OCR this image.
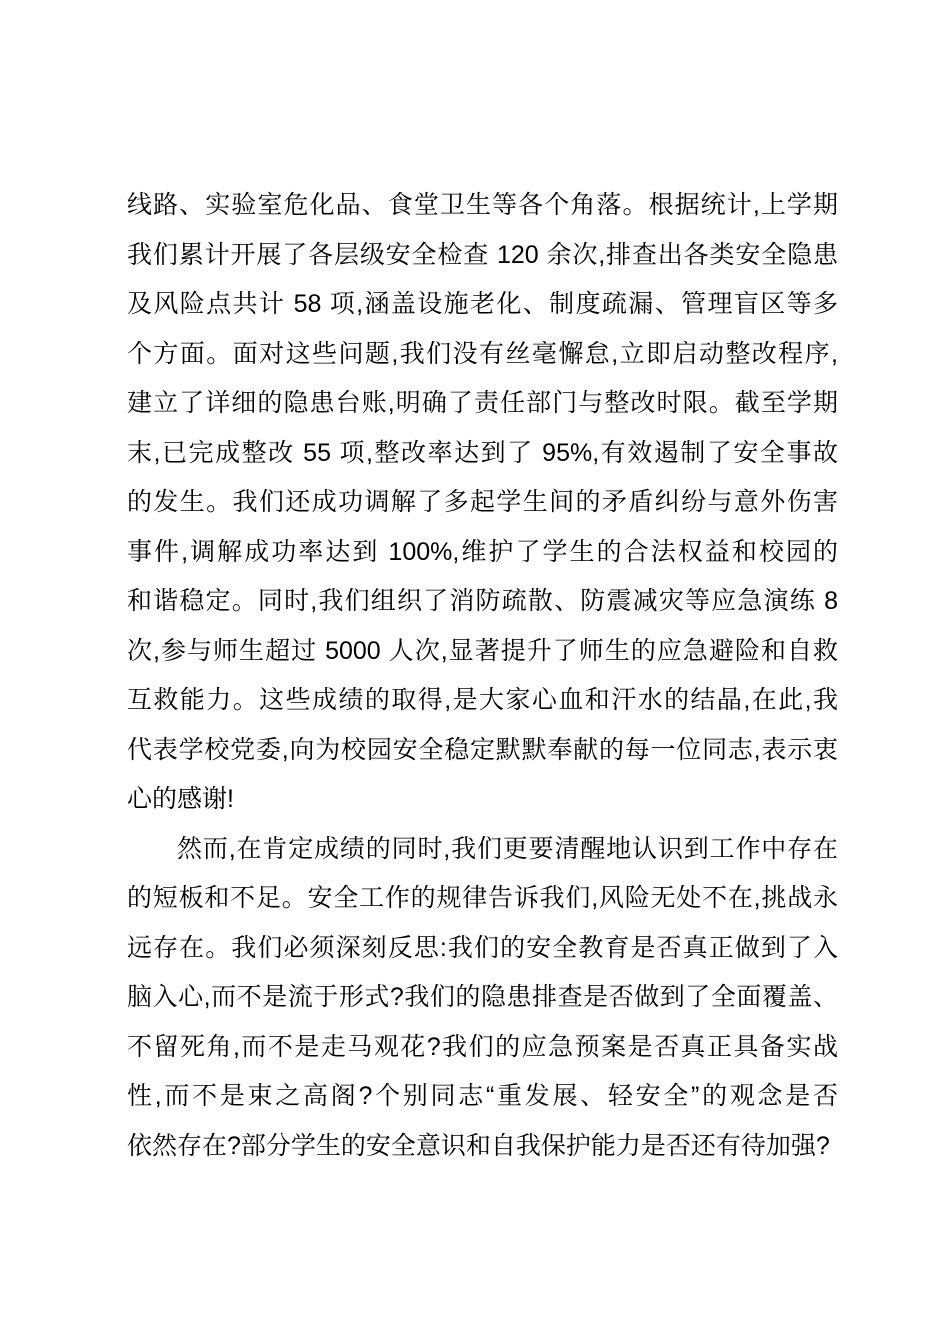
线路、实验室危化品、食堂卫生等各个角落。根据统计,上学期
我们累计开展了各层级安全检查 120 余次,排查出各类安全隐患
及风险点共计 58 项,涵盖设施老化、制度疏漏、管理盲区等多
个方面。面对这些问题,我们没有丝毫懈怠,立即启动整改程序,
建立了详细的隐患台账,明确了责任部门与整改时限。截至学期
末,已完成整改 55 项,整改率达到了 95%,有效遏制了安全事故
的发生。我们还成功调解了多起学生间的矛盾纠纷与意外伤害
事件,调解成功率达到 100%,维护了学生的合法权益和校园的
和谐稳定。同时,我们组织了消防疏散、防震减灾等应急演练 8
次,参与师生超过 5000 人次,显著提升了师生的应急避险和自救
互救能力。这些成绩的取得,是大家心血和汗水的结晶,在此,我
代表学校党委,向为校园安全稳定默默奉献的每一位同志,表示衷
心的感谢!
然而,在肯定成绩的同时,我们更要清醒地认识到工作中存在
的短板和不足。安全工作的规律告诉我们,风险无处不在,挑战永
远存在。我们必须深刻反思:我们的安全教育是否真正做到了入
脑入心,而不是流于形式?我们的隐患排查是否做到了全面覆盖、
不留死角,而不是走马观花?我们的应急预案是否真正具备实战
性,而不是束之高阁?个别同志“重发展、轻安全”的观念是否
依然存在?部分学生的安全意识和自我保护能力是否还有待加强?
